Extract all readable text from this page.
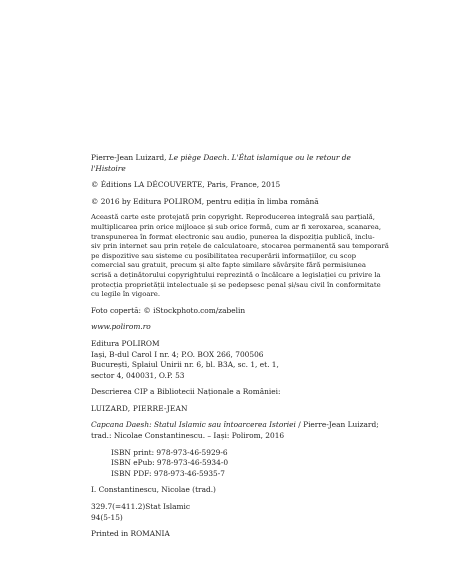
Pierre-Jean Luizard, Le piège Daech. L'État islamique ou le retour de l'Histoire

© Éditions LA DÉCOUVERTE, Paris, France, 2015

© 2016 by Editura POLIROM, pentru ediția în limba română

Această carte este protejată prin copyright. Reproducerea integrală sau parțială,
multiplicarea prin orice mijloace și sub orice formă, cum ar fi xeroxarea, scanarea,
transpunerea în format electronic sau audio, punerea la dispoziția publică, inclu-
siv prin internet sau prin rețele de calculatoare, stocarea permanentă sau temporară
pe dispozitive sau sisteme cu posibilitatea recuperării informațiilor, cu scop
comercial sau gratuit, precum și alte fapte similare săvârșite fără permisiunea
scrisă a deținătorului copyrightului reprezintă o încălcare a legislației cu privire la
protecția proprietății intelectuale și se pedepsesc penal și/sau civil în conformitate
cu legile în vigoare.

Foto copertă: © iStockphoto.com/zabelin

www.polirom.ro

Editura POLIROM
Iași, B-dul Carol I nr. 4; P.O. BOX 266, 700506
București, Splaiul Unirii nr. 6, bl. B3A, sc. 1, et. 1,
sector 4, 040031, O.P. 53

Descrierea CIP a Bibliotecii Naționale a României:

LUIZARD, PIERRE-JEAN

Capcana Daesh: Statul Islamic sau întoarcerea Istoriei / Pierre-Jean Luizard;
trad.: Nicolae Constantinescu. – Iași: Polirom, 2016
ISBN print: 978-973-46-5929-6
ISBN ePub: 978-973-46-5934-0
ISBN PDF: 978-973-46-5935-7

I. Constantinescu, Nicolae (trad.)

329.7(=411.2)Stat Islamic
94(5-15)

Printed in ROMANIA
